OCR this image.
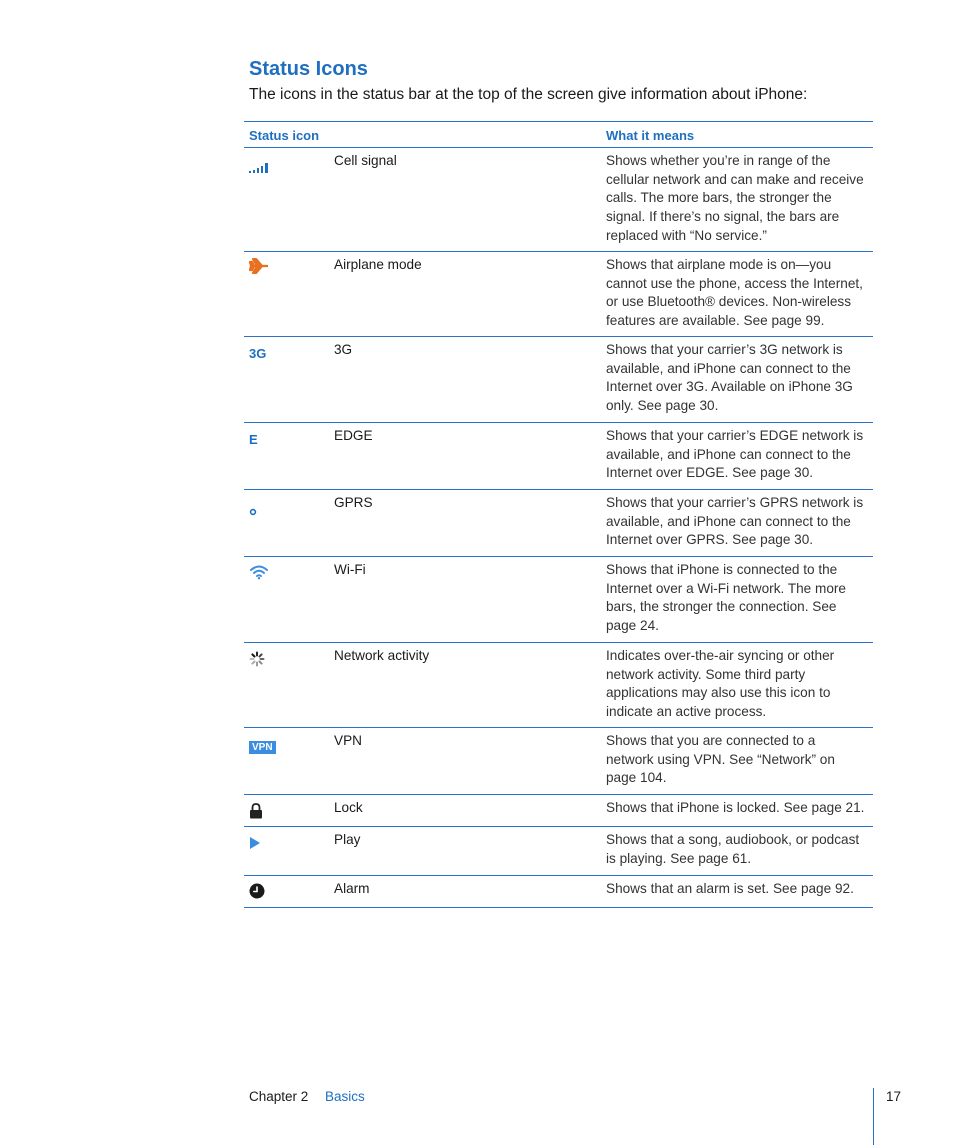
Status Icons

The icons in the status bar at the top of the screen give information about iPhone:

Status icon	What it means
Cell signal	Shows whether you’re in range of the
cellular network and can make and receive
calls. The more bars, the stronger the
signal. If there’s no signal, the bars are
replaced with “No service.”
Airplane mode	Shows that airplane mode is on—you
cannot use the phone, access the Internet,
or use Bluetooth® devices. Non-wireless
features are available. See page 99.
3G	3G	Shows that your carrier’s 3G network is
available, and iPhone can connect to the
Internet over 3G. Available on iPhone 3G
only. See page 30.
E	EDGE	Shows that your carrier’s EDGE network is
available, and iPhone can connect to the
Internet over EDGE. See page 30.
GPRS	Shows that your carrier’s GPRS network is
available, and iPhone can connect to the
Internet over GPRS. See page 30.
Wi-Fi	Shows that iPhone is connected to the
Internet over a Wi-Fi network. The more
bars, the stronger the connection. See
page 24.
Network activity	Indicates over-the-air syncing or other
network activity. Some third party
applications may also use this icon to
indicate an active process.
VPN	VPN	Shows that you are connected to a
network using VPN. See “Network” on
page 104.
Lock	Shows that iPhone is locked. See page 21.
Play	Shows that a song, audiobook, or podcast
is playing. See page 61.
Alarm	Shows that an alarm is set. See page 92.
Chapter 2 Basics	17
